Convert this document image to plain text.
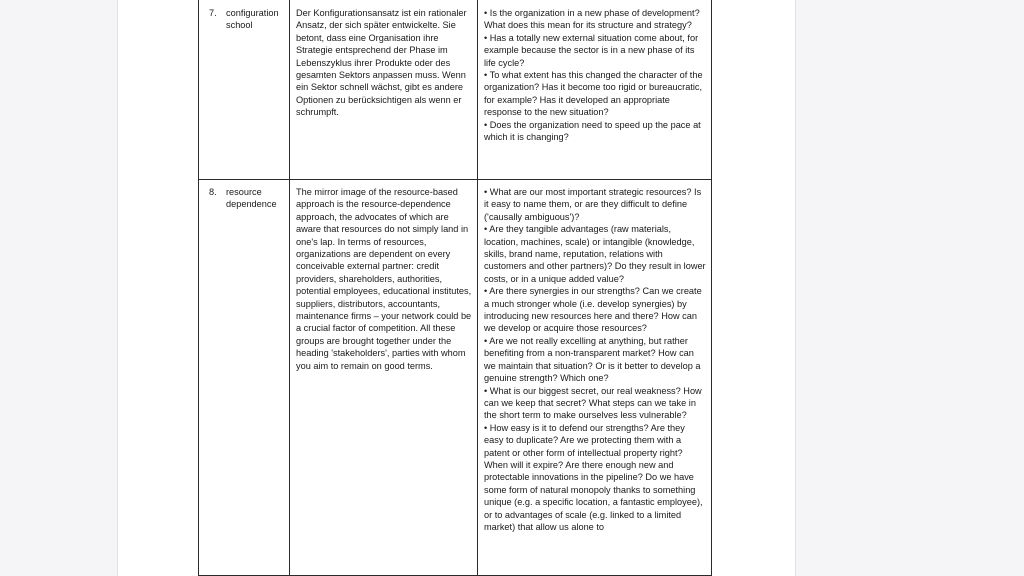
7.	configuration
school
Der Konfigurationsansatz ist ein rationaler Ansatz, der sich später entwickelte. Sie betont, dass eine Organisation ihre Strategie entsprechend der Phase im Lebenszyklus ihrer Produkte oder des gesamten Sektors anpassen muss. Wenn ein Sektor schnell wächst, gibt es andere Optionen zu berücksichtigen als wenn er schrumpft.

• Is the organization in a new phase of development? What does this mean for its structure and strategy?

• Has a totally new external situation come about, for example because the sector is in a new phase of its life cycle?

• To what extent has this changed the character of the organization? Has it become too rigid or bureaucratic, for example? Has it developed an appropriate response to the new situation?

• Does the organization need to speed up the pace at which it is changing?

8.	resource
dependence
The mirror image of the resource-based approach is the resource-dependence approach, the advocates of which are aware that resources do not simply land in one's lap. In terms of resources, organizations are dependent on every conceivable external partner: credit providers, shareholders, authorities, potential employees, educational institutes, suppliers, distributors, accountants, maintenance firms – your network could be a crucial factor of competition. All these groups are brought together under the heading 'stakeholders', parties with whom you aim to remain on good terms.

• What are our most important strategic resources? Is it easy to name them, or are they difficult to define ('causally ambiguous')?

• Are they tangible advantages (raw materials, location, machines, scale) or intangible (knowledge, skills, brand name, reputation, relations with customers and other partners)? Do they result in lower costs, or in a unique added value?

• Are there synergies in our strengths? Can we create a much stronger whole (i.e. develop synergies) by introducing new resources here and there? How can we develop or acquire those resources?

• Are we not really excelling at anything, but rather benefiting from a non-transparent market? How can we maintain that situation? Or is it better to develop a genuine strength? Which one?

• What is our biggest secret, our real weakness? How can we keep that secret? What steps can we take in the short term to make ourselves less vulnerable?

• How easy is it to defend our strengths? Are they easy to duplicate? Are we protecting them with a patent or other form of intellectual property right? When will it expire? Are there enough new and protectable innovations in the pipeline? Do we have some form of natural monopoly thanks to something unique (e.g. a specific location, a fantastic employee), or to advantages of scale (e.g. linked to a limited market) that allow us alone to
